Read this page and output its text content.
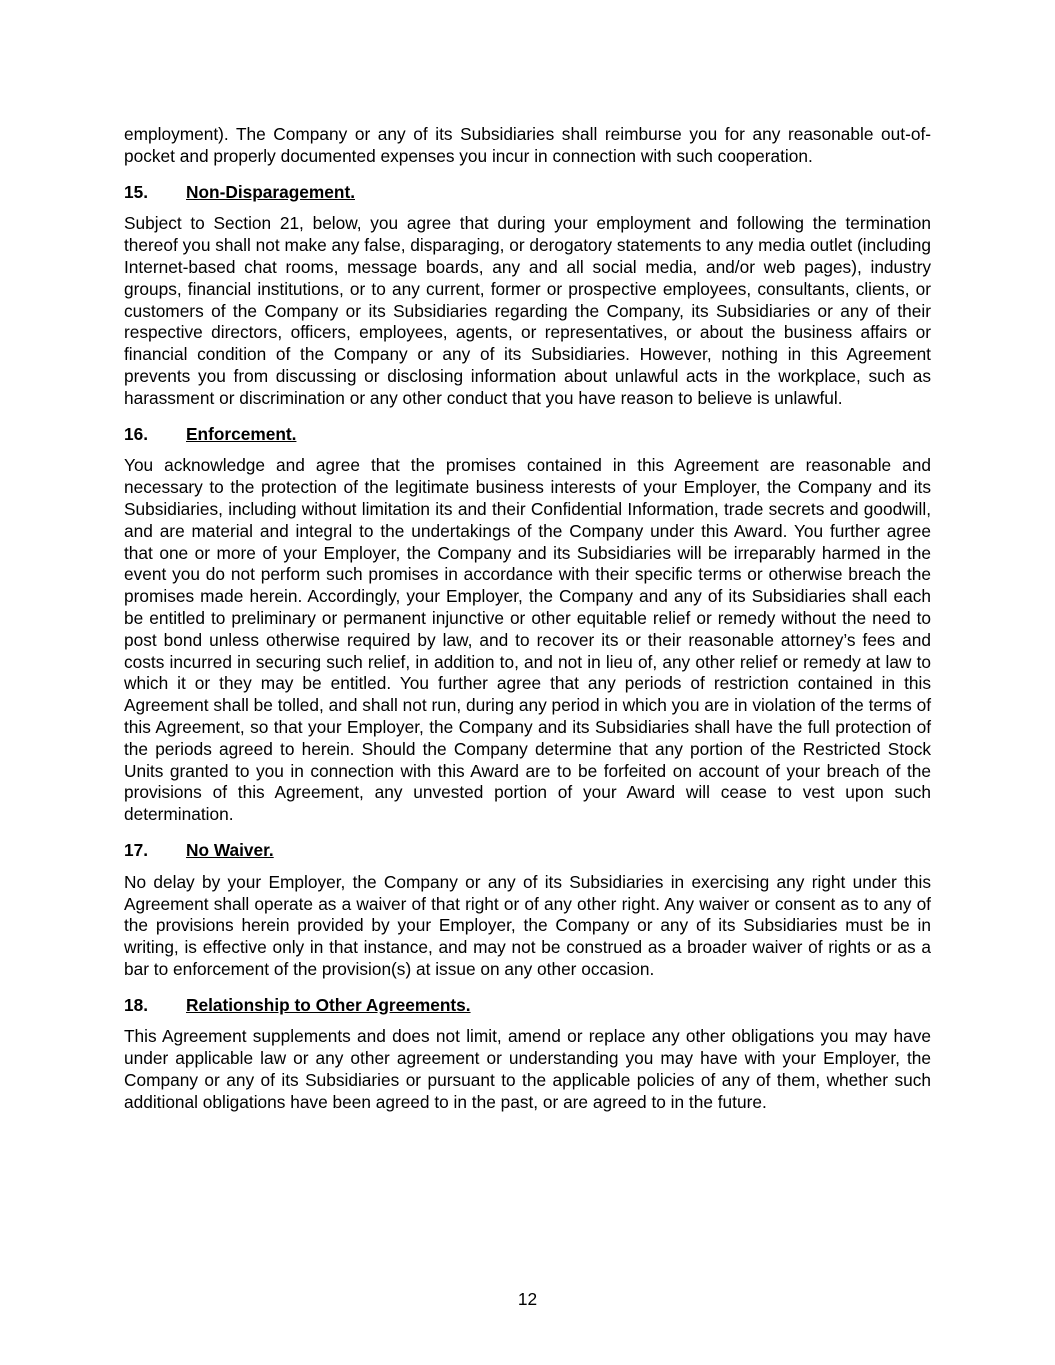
employment). The Company or any of its Subsidiaries shall reimburse you for any reasonable out-of-pocket and properly documented expenses you incur in connection with such cooperation.

15.	Non-Disparagement.

Subject to Section 21, below, you agree that during your employment and following the termination thereof you shall not make any false, disparaging, or derogatory statements to any media outlet (including Internet-based chat rooms, message boards, any and all social media, and/or web pages), industry groups, financial institutions, or to any current, former or prospective employees, consultants, clients, or customers of the Company or its Subsidiaries regarding the Company, its Subsidiaries or any of their respective directors, officers, employees, agents, or representatives, or about the business affairs or financial condition of the Company or any of its Subsidiaries. However, nothing in this Agreement prevents you from discussing or disclosing information about unlawful acts in the workplace, such as harassment or discrimination or any other conduct that you have reason to believe is unlawful.

16.	Enforcement.

You acknowledge and agree that the promises contained in this Agreement are reasonable and necessary to the protection of the legitimate business interests of your Employer, the Company and its Subsidiaries, including without limitation its and their Confidential Information, trade secrets and goodwill, and are material and integral to the undertakings of the Company under this Award. You further agree that one or more of your Employer, the Company and its Subsidiaries will be irreparably harmed in the event you do not perform such promises in accordance with their specific terms or otherwise breach the promises made herein. Accordingly, your Employer, the Company and any of its Subsidiaries shall each be entitled to preliminary or permanent injunctive or other equitable relief or remedy without the need to post bond unless otherwise required by law, and to recover its or their reasonable attorney’s fees and costs incurred in securing such relief, in addition to, and not in lieu of, any other relief or remedy at law to which it or they may be entitled. You further agree that any periods of restriction contained in this Agreement shall be tolled, and shall not run, during any period in which you are in violation of the terms of this Agreement, so that your Employer, the Company and its Subsidiaries shall have the full protection of the periods agreed to herein. Should the Company determine that any portion of the Restricted Stock Units granted to you in connection with this Award are to be forfeited on account of your breach of the provisions of this Agreement, any unvested portion of your Award will cease to vest upon such determination.

17.	No Waiver.

No delay by your Employer, the Company or any of its Subsidiaries in exercising any right under this Agreement shall operate as a waiver of that right or of any other right. Any waiver or consent as to any of the provisions herein provided by your Employer, the Company or any of its Subsidiaries must be in writing, is effective only in that instance, and may not be construed as a broader waiver of rights or as a bar to enforcement of the provision(s) at issue on any other occasion.

18.	Relationship to Other Agreements.

This Agreement supplements and does not limit, amend or replace any other obligations you may have under applicable law or any other agreement or understanding you may have with your Employer, the Company or any of its Subsidiaries or pursuant to the applicable policies of any of them, whether such additional obligations have been agreed to in the past, or are agreed to in the future.

12
